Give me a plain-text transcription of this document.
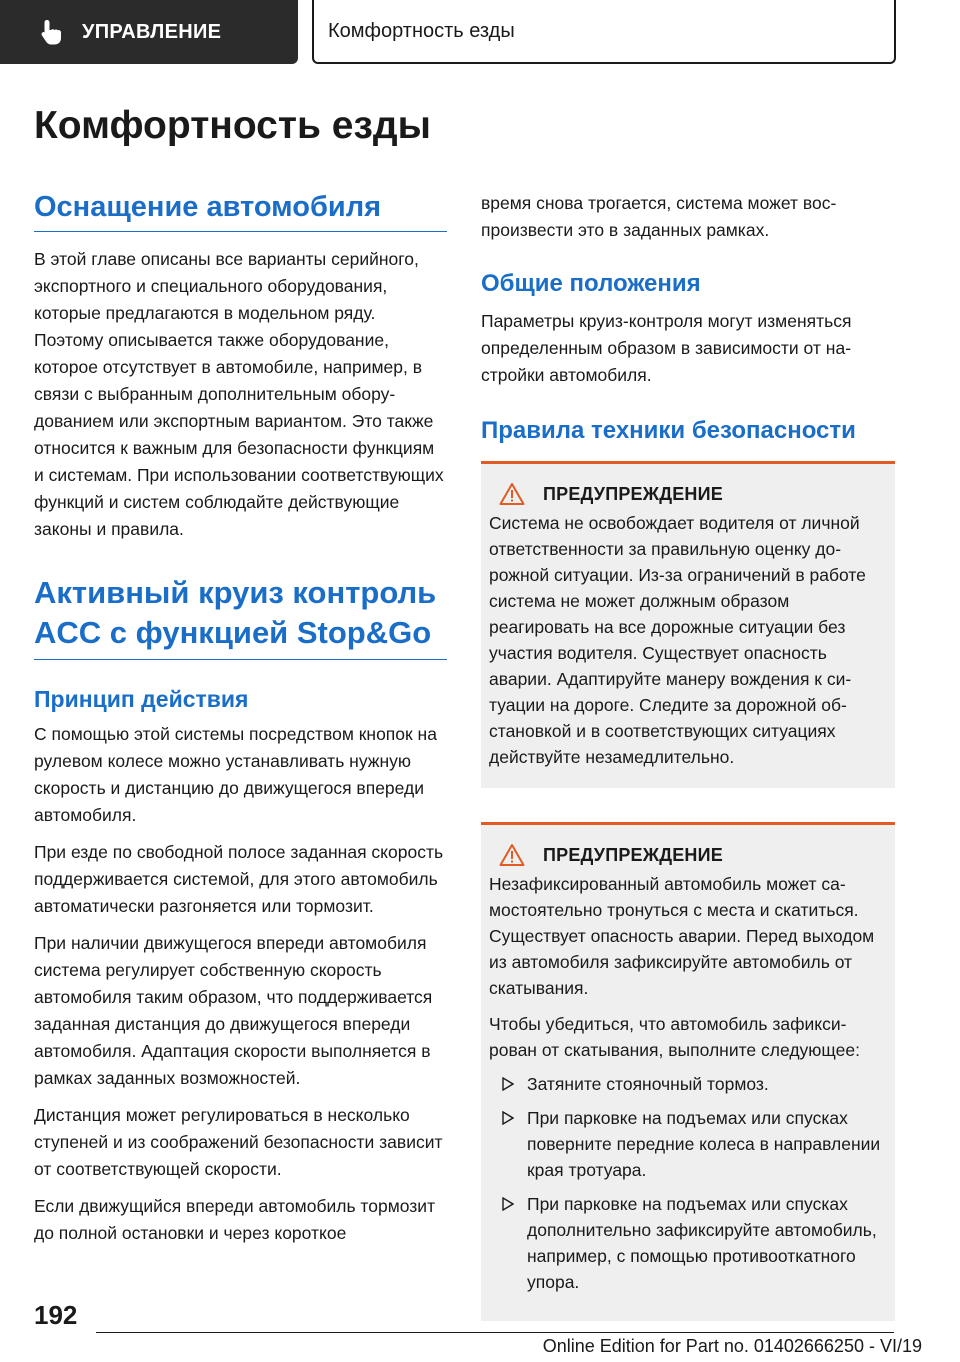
УПРАВЛЕНИЕ	Комфортность езды
Комфортность езды
Оснащение автомобиля

В этой главе описаны все варианты серийного, экспортного и специального оборудования, которые предлагаются в модельном ряду. Поэтому описывается также оборудование, которое отсутствует в автомобиле, например, в связи с выбранным дополнительным оборудованием или экспортным вариантом. Это также относится к важным для безопасности функциям и системам. При использовании соответствующих функций и систем соблюдайте действующие законы и правила.

Активный круиз контроль ACC с функцией Stop&Go
Принцип действия

С помощью этой системы посредством кнопок на рулевом колесе можно устанавливать нужную скорость и дистанцию до движущегося впереди автомобиля.

При езде по свободной полосе заданная скорость поддерживается системой, для этого автомобиль автоматически разгоняется или тормозит.

При наличии движущегося впереди автомобиля система регулирует собственную скорость автомобиля таким образом, что поддерживается заданная дистанция до движущегося впереди автомобиля. Адаптация скорости выполняется в рамках заданных возможностей.

Дистанция может регулироваться в несколько ступеней и из соображений безопасности зависит от соответствующей скорости.

Если движущийся впереди автомобиль тормозит до полной остановки и через короткое

время снова трогается, система может воспроизвести это в заданных рамках.

Общие положения

Параметры круиз-контроля могут изменяться определенным образом в зависимости от настройки автомобиля.

Правила техники безопасности
ПРЕДУПРЕЖДЕНИЕ

Система не освобождает водителя от личной ответственности за правильную оценку дорожной ситуации. Из-за ограничений в работе система не может должным образом реагировать на все дорожные ситуации без участия водителя. Существует опасность аварии. Адаптируйте манеру вождения к ситуации на дороге. Следите за дорожной обстановкой и в соответствующих ситуациях действуйте незамедлительно.

ПРЕДУПРЕЖДЕНИЕ

Незафиксированный автомобиль может самостоятельно тронуться с места и скатиться. Существует опасность аварии. Перед выходом из автомобиля зафиксируйте автомобиль от скатывания.

Чтобы убедиться, что автомобиль зафиксирован от скатывания, выполните следующее:

Затяните стояночный тормоз.
При парковке на подъемах или спусках поверните передние колеса в направлении края тротуара.
При парковке на подъемах или спусках дополнительно зафиксируйте автомобиль, например, с помощью противооткатного упора.
192
Online Edition for Part no. 01402666250 - VI/19
